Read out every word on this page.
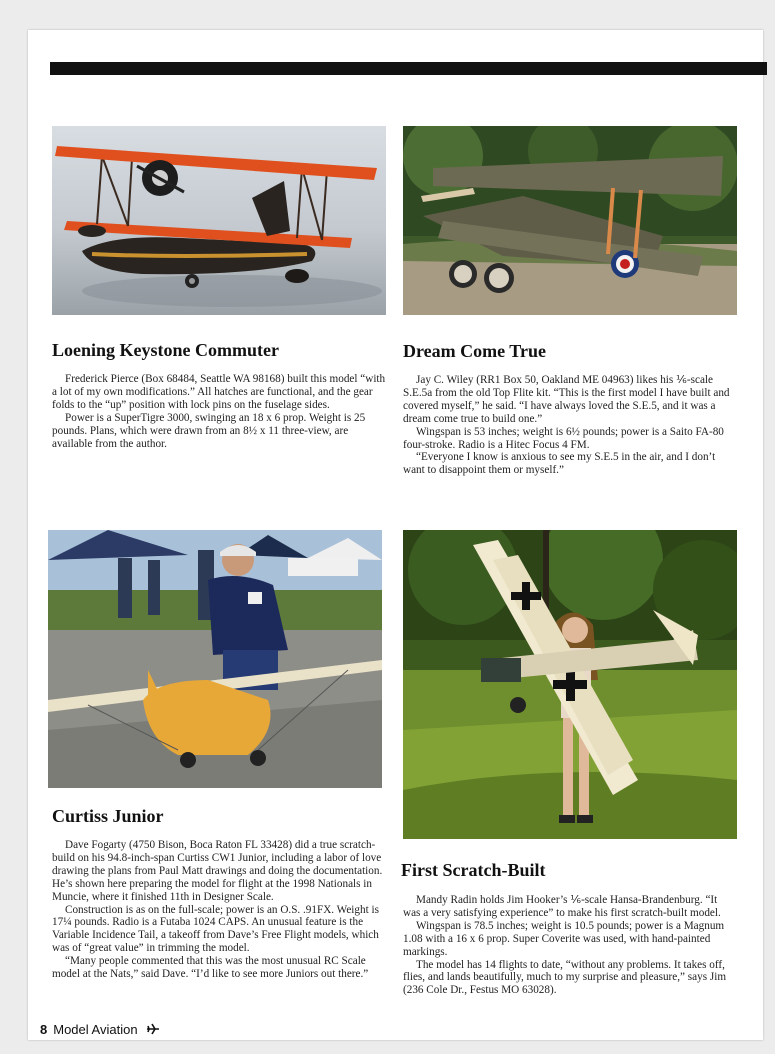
Loening Keystone Commuter

Frederick Pierce (Box 68484, Seattle WA 98168) built this model “with a lot of my own modifications.” All hatches are functional, and the gear folds to the “up” position with lock pins on the fuselage sides.

Power is a SuperTigre 3000, swinging an 18 x 6 prop. Weight is 25 pounds. Plans, which were drawn from an 8½ x 11 three-view, are available from the author.

Dream Come True

Jay C. Wiley (RR1 Box 50, Oakland ME 04963) likes his ⅙-scale S.E.5a from the old Top Flite kit. “This is the first model I have built and covered myself,” he said. “I have always loved the S.E.5, and it was a dream come true to build one.”

Wingspan is 53 inches; weight is 6½ pounds; power is a Saito FA-80 four-stroke. Radio is a Hitec Focus 4 FM.

“Everyone I know is anxious to see my S.E.5 in the air, and I don’t want to disappoint them or myself.”

Curtiss Junior

Dave Fogarty (4750 Bison, Boca Raton FL 33428) did a true scratch-build on his 94.8-inch-span Curtiss CW1 Junior, including a labor of love drawing the plans from Paul Matt drawings and doing the documentation. He’s shown here preparing the model for flight at the 1998 Nationals in Muncie, where it finished 11th in Designer Scale.

Construction is as on the full-scale; power is an O.S. .91FX. Weight is 17¼ pounds. Radio is a Futaba 1024 CAPS. An unusual feature is the Variable Incidence Tail, a takeoff from Dave’s Free Flight models, which was of “great value” in trimming the model.

“Many people commented that this was the most unusual RC Scale model at the Nats,” said Dave. “I’d like to see more Juniors out there.”

First Scratch-Built

Mandy Radin holds Jim Hooker’s ⅙-scale Hansa-Brandenburg. “It was a very satisfying experience” to make his first scratch-built model.

Wingspan is 78.5 inches; weight is 10.5 pounds; power is a Magnum 1.08 with a 16 x 6 prop. Super Coverite was used, with hand-painted markings.

The model has 14 flights to date, “without any problems. It takes off, flies, and lands beautifully, much to my surprise and pleasure,” says Jim (236 Cole Dr., Festus MO 63028).

8 Model Aviation
